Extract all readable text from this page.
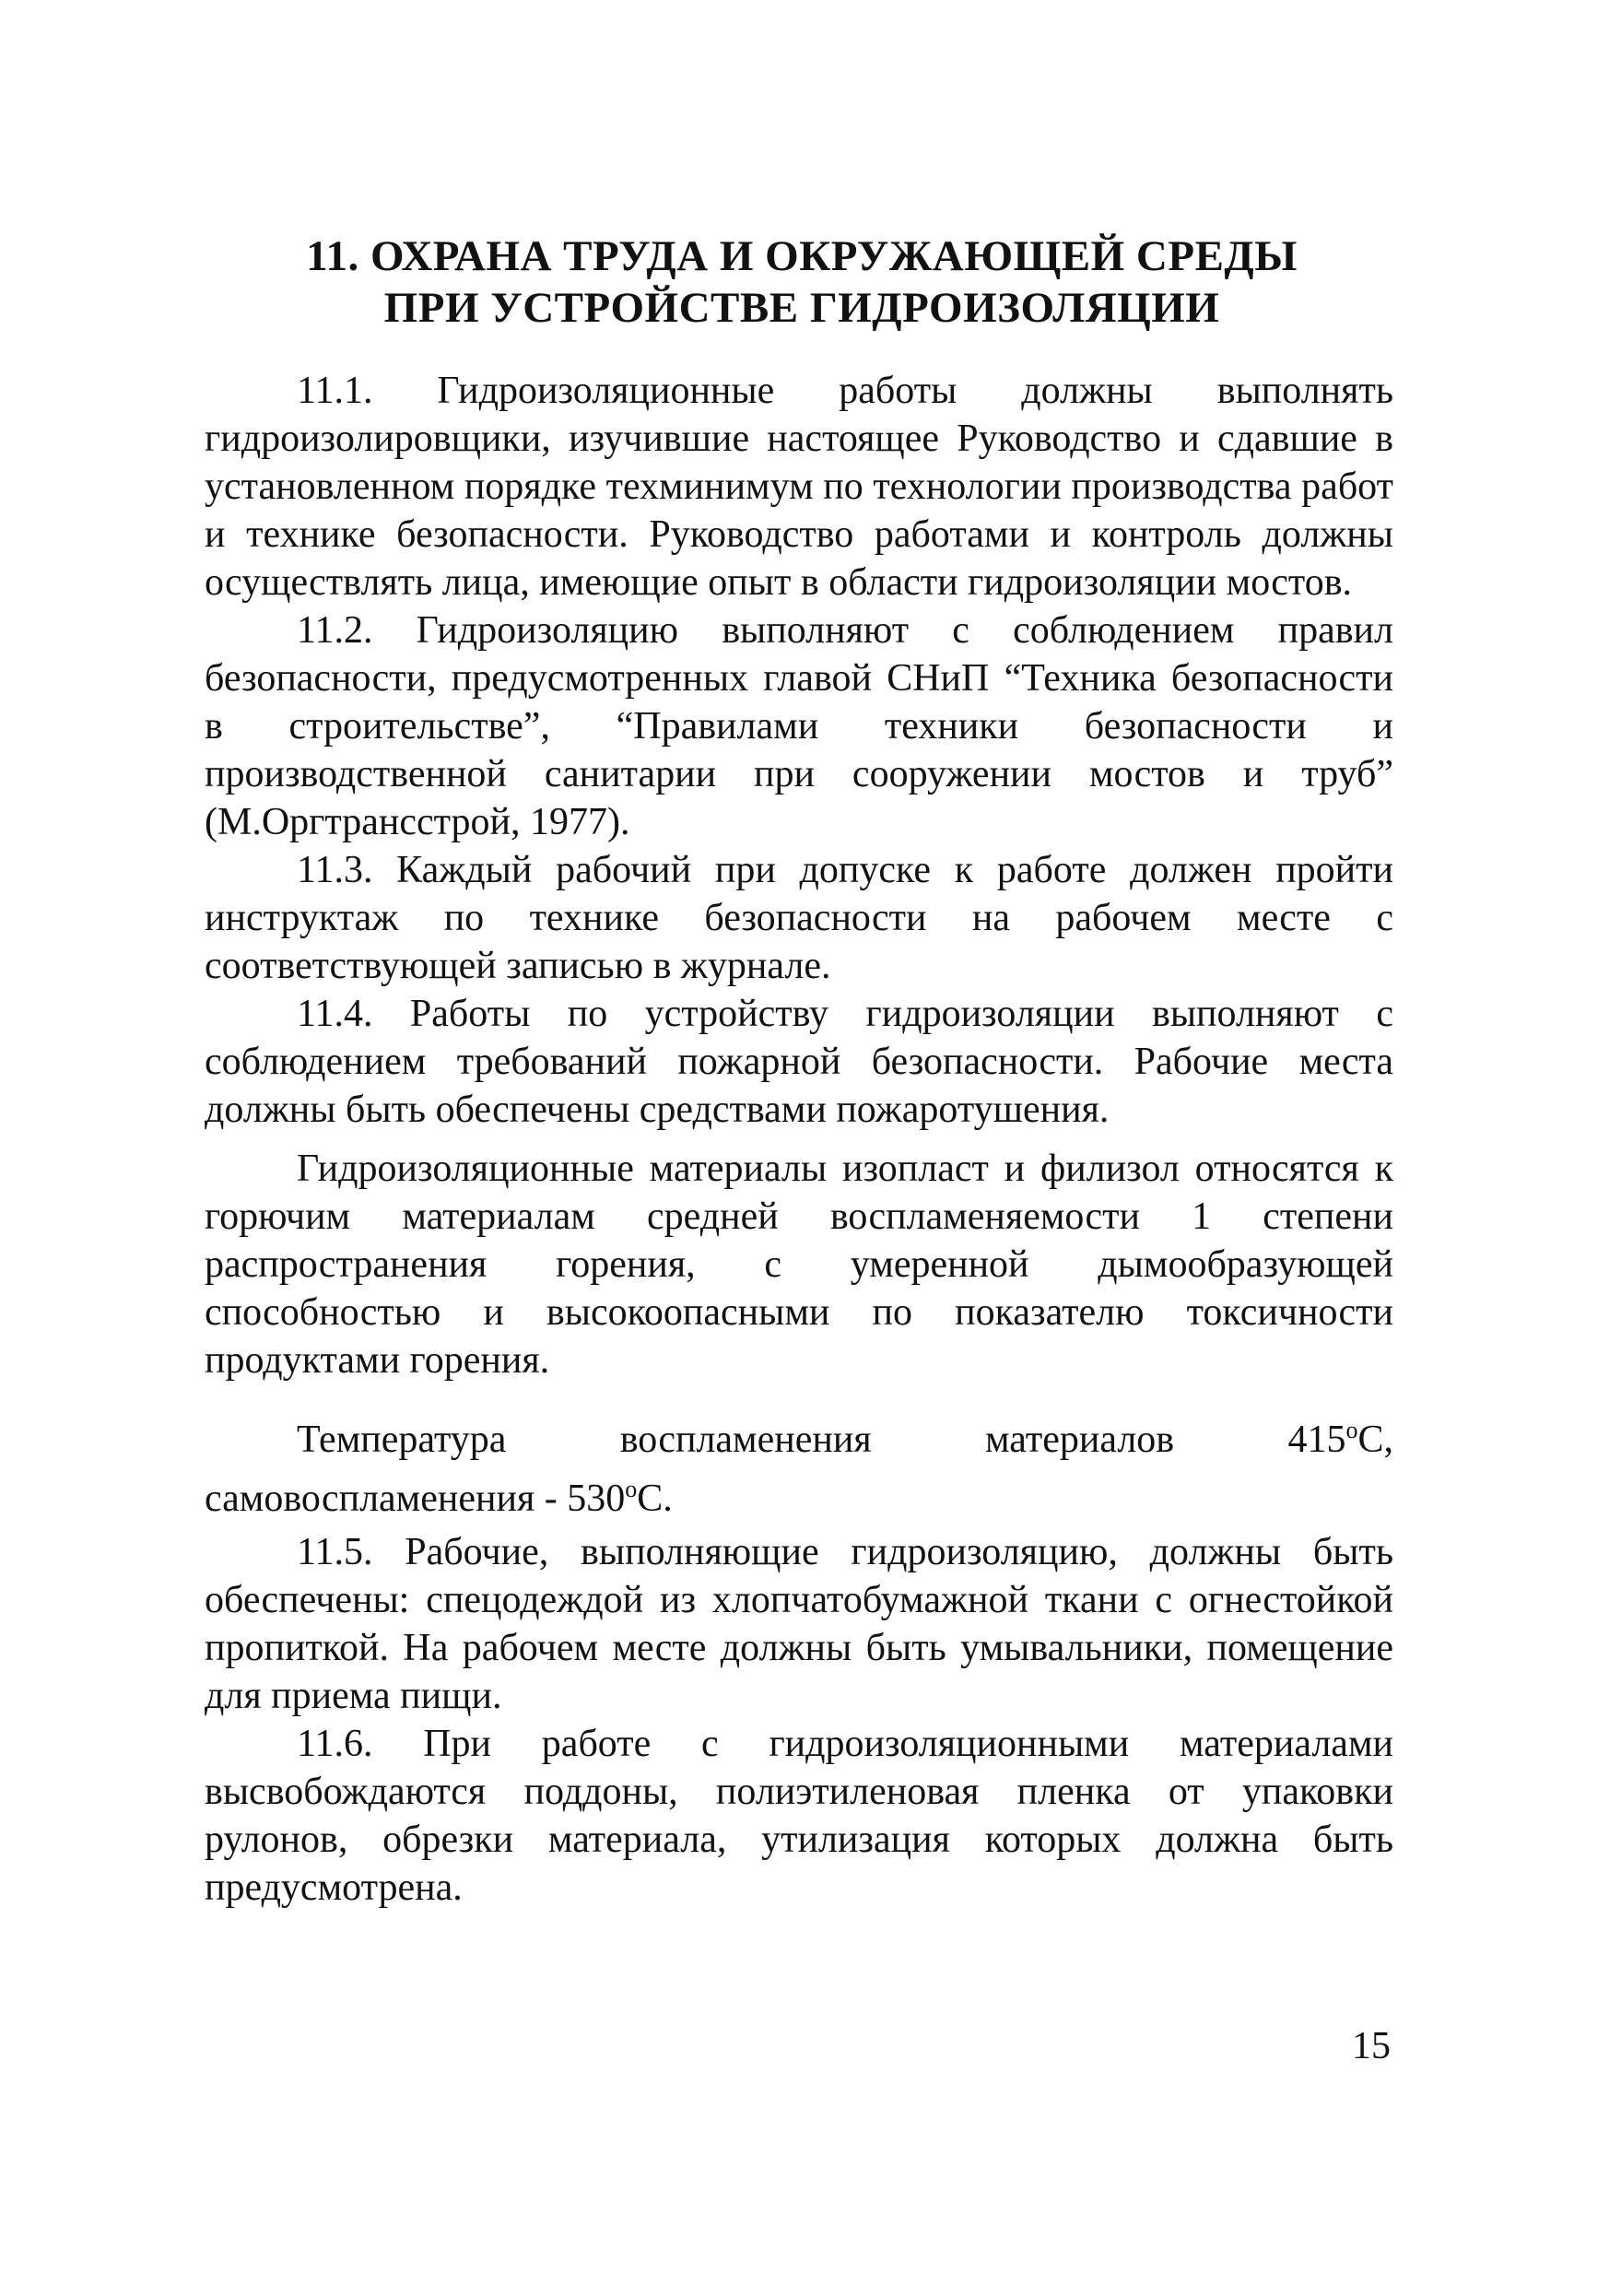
11. ОХРАНА ТРУДА И ОКРУЖАЮЩЕЙ СРЕДЫ
ПРИ УСТРОЙСТВЕ ГИДРОИЗОЛЯЦИИ

11.1. Гидроизоляционные работы должны выполнять гидроизолировщики, изучившие настоящее Руководство и сдавшие в установленном порядке техминимум по технологии производства работ и технике безопасности. Руководство работами и контроль должны осуществлять лица, имеющие опыт в области гидроизоляции мостов.

11.2. Гидроизоляцию выполняют с соблюдением правил безопасности, предусмотренных главой СНиП “Техника безопасности в строительстве”, “Правилами техники безопасности и производственной санитарии при сооружении мостов и труб” (М.Оргтрансстрой, 1977).

11.3. Каждый рабочий при допуске к работе должен пройти инструктаж по технике безопасности на рабочем месте с соответствующей записью в журнале.

11.4. Работы по устройству гидроизоляции выполняют с соблюдением требований пожарной безопасности. Рабочие места должны быть обеспечены средствами пожаротушения.

Гидроизоляционные материалы изопласт и филизол относятся к горючим материалам средней воспламеняемости 1 степени распространения горения, с умеренной дымообразующей способностью и высокоопасными по показателю токсичности продуктами горения.

Температура воспламенения материалов 415$^o$С, самовоспламенения - 530$^o$С.

11.5. Рабочие, выполняющие гидроизоляцию, должны быть обеспечены: спецодеждой из хлопчатобумажной ткани с огнестойкой пропиткой. На рабочем месте должны быть умывальники, помещение для приема пищи.

11.6. При работе с гидроизоляционными материалами высвобождаются поддоны, полиэтиленовая пленка от упаковки рулонов, обрезки материала, утилизация которых должна быть предусмотрена.

15
